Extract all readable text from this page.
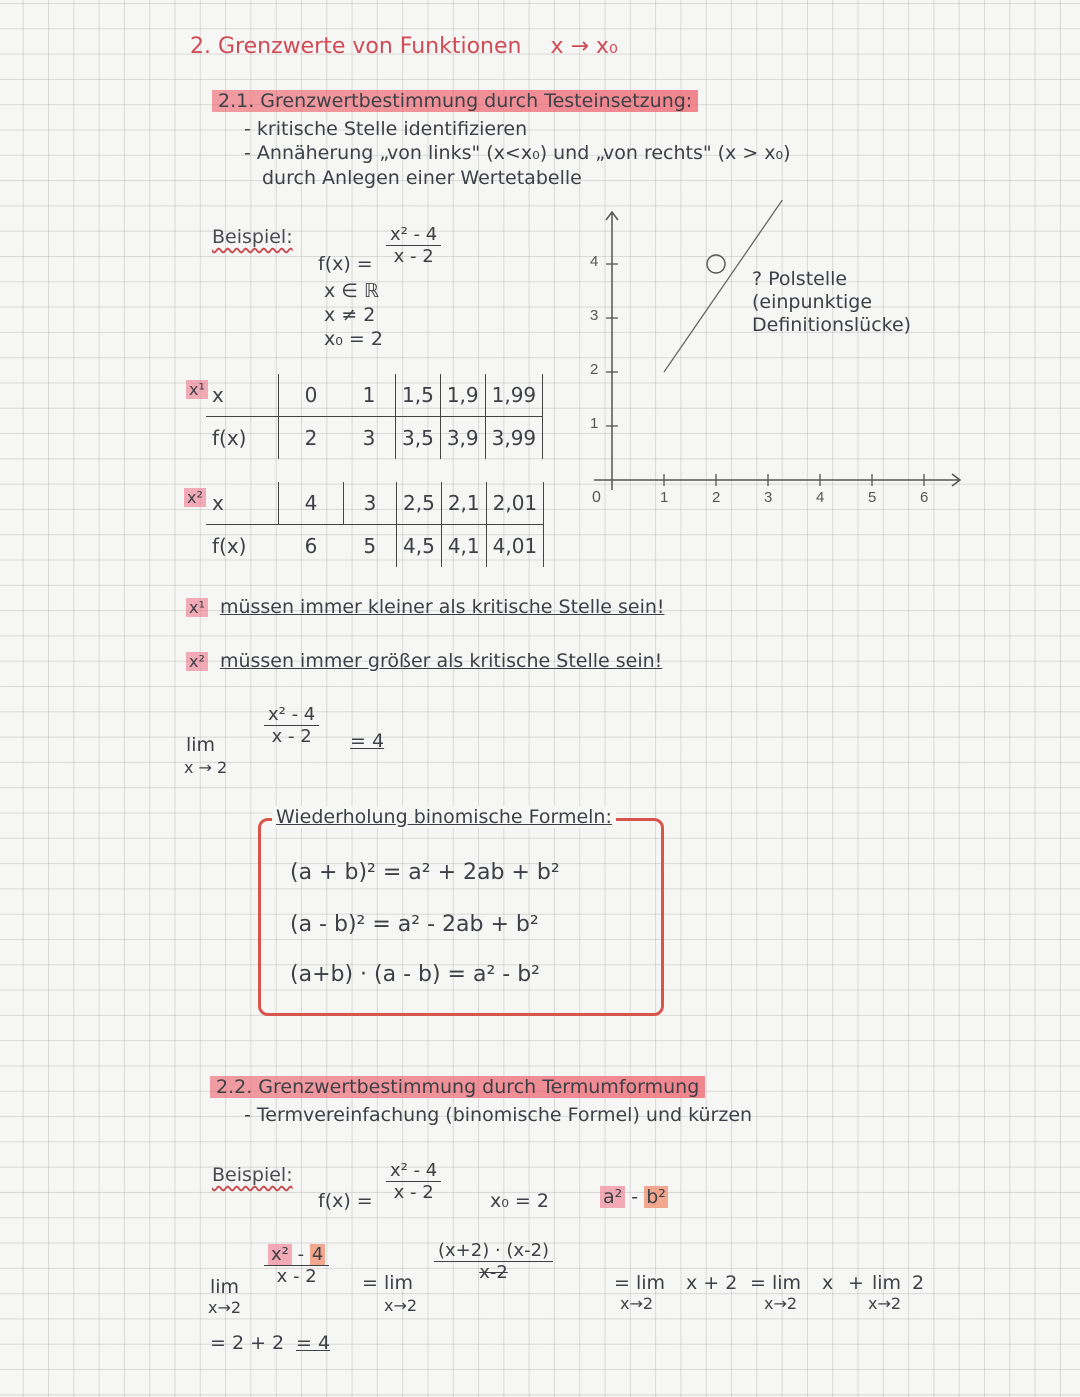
2. Grenzwerte von Funktionen x → x₀
2.1. Grenzwertbestimmung durch Testeinsetzung:
- kritische Stelle identifizieren
- Annäherung „von links" (x<x₀) und „von rechts" (x > x₀)
durch Anlegen einer Wertetabelle
Beispiel:
$f(x) = \frac{\text{x² - 4}}{x - 2}$
x ∈ ℝ
x ≠ 2
x₀ = 2
x¹ x	0	1	1,5	1,9	1,99
f(x)	2	3	3,5	3,9	3,99
x² x	4	3	2,5	2,1	2,01
f(x)	6	5	4,5	4,1	4,01
1
2
3
4
1	2	3	4	5	6
0
? Polstelle
(einpunktige
Definitionslücke)
x¹ müssen immer kleiner als kritische Stelle sein!
x² müssen immer größer als kritische Stelle sein!
lim
x → 2
$\frac{\text{x² - 4}}{x - 2} = 4$
Wiederholung binomische Formeln:
(a + b)² = a² + 2ab + b²
(a - b)² = a² - 2ab + b²
(a+b) · (a - b) = a² - b²
2.2. Grenzwertbestimmung durch Termumformung
- Termvereinfachung (binomische Formel) und kürzen
Beispiel:
$f(x) = \frac{\text{x² - 4}}{x - 2}$	x₀ = 2	a² - b²
lim
x→2
$\frac{\text{x² - 4}}{x - 2} = \lim$
x→2
$\frac{(x+2) \cdot (x-2)}{x-2}$	= lim
x→2
x + 2 = lim
x→2
x + lim
x→2
2
= 2 + 2 = 4
